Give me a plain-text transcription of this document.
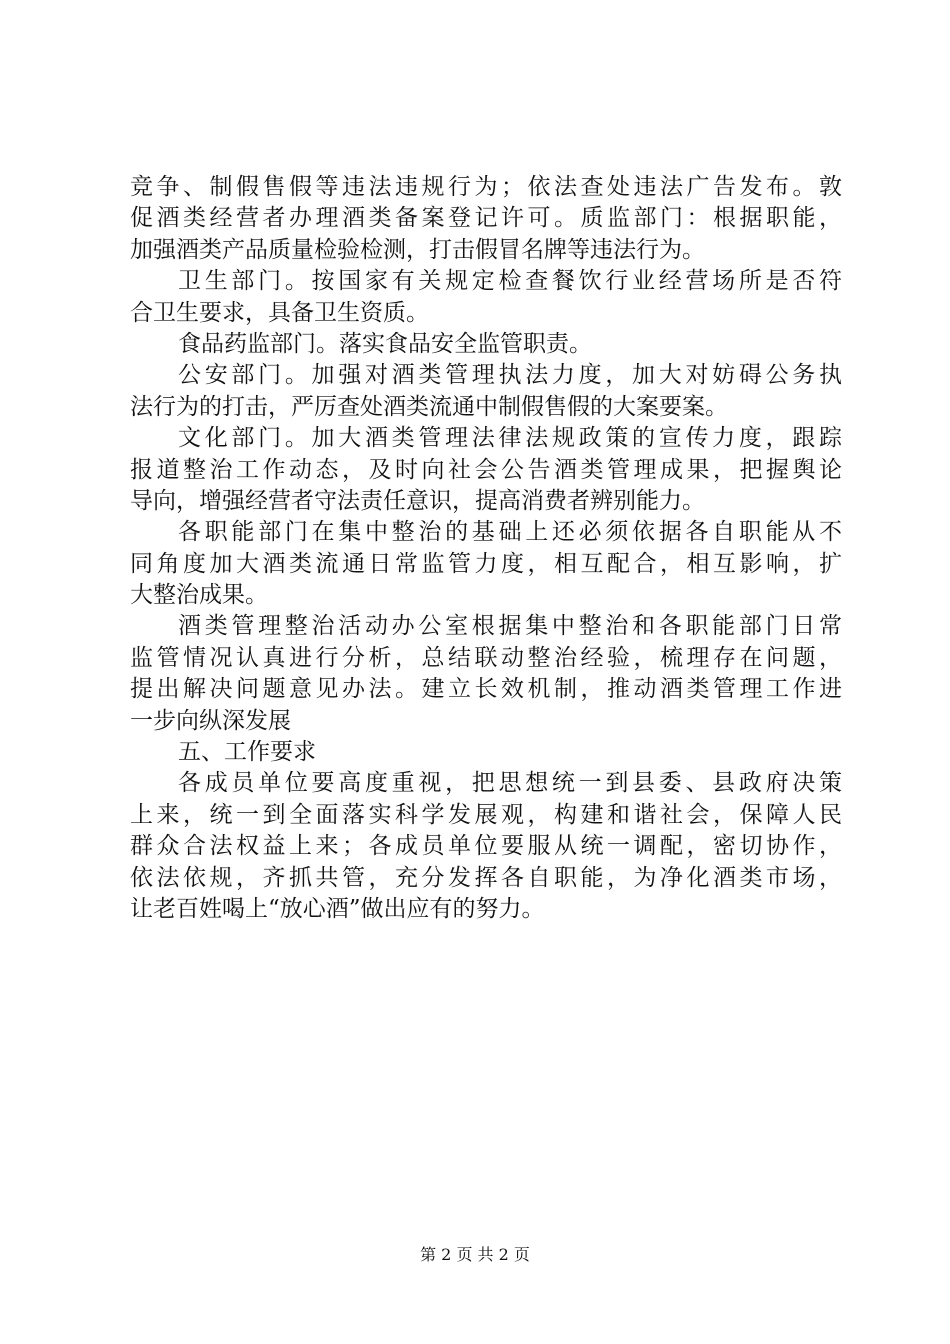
竞争、制假售假等违法违规行为；依法查处违法广告发布。敦
促酒类经营者办理酒类备案登记许可。质监部门：根据职能，
加强酒类产品质量检验检测，打击假冒名牌等违法行为。
卫生部门。按国家有关规定检查餐饮行业经营场所是否符
合卫生要求，具备卫生资质。
食品药监部门。落实食品安全监管职责。
公安部门。加强对酒类管理执法力度，加大对妨碍公务执
法行为的打击，严厉查处酒类流通中制假售假的大案要案。
文化部门。加大酒类管理法律法规政策的宣传力度，跟踪
报道整治工作动态，及时向社会公告酒类管理成果，把握舆论
导向，增强经营者守法责任意识，提高消费者辨别能力。
各职能部门在集中整治的基础上还必须依据各自职能从不
同角度加大酒类流通日常监管力度，相互配合，相互影响，扩
大整治成果。
酒类管理整治活动办公室根据集中整治和各职能部门日常
监管情况认真进行分析，总结联动整治经验，梳理存在问题，
提出解决问题意见办法。建立长效机制，推动酒类管理工作进
一步向纵深发展
五、工作要求
各成员单位要高度重视，把思想统一到县委、县政府决策
上来，统一到全面落实科学发展观，构建和谐社会，保障人民
群众合法权益上来；各成员单位要服从统一调配，密切协作，
依法依规，齐抓共管，充分发挥各自职能，为净化酒类市场，
让老百姓喝上“放心酒”做出应有的努力。
第 2 页 共 2 页
